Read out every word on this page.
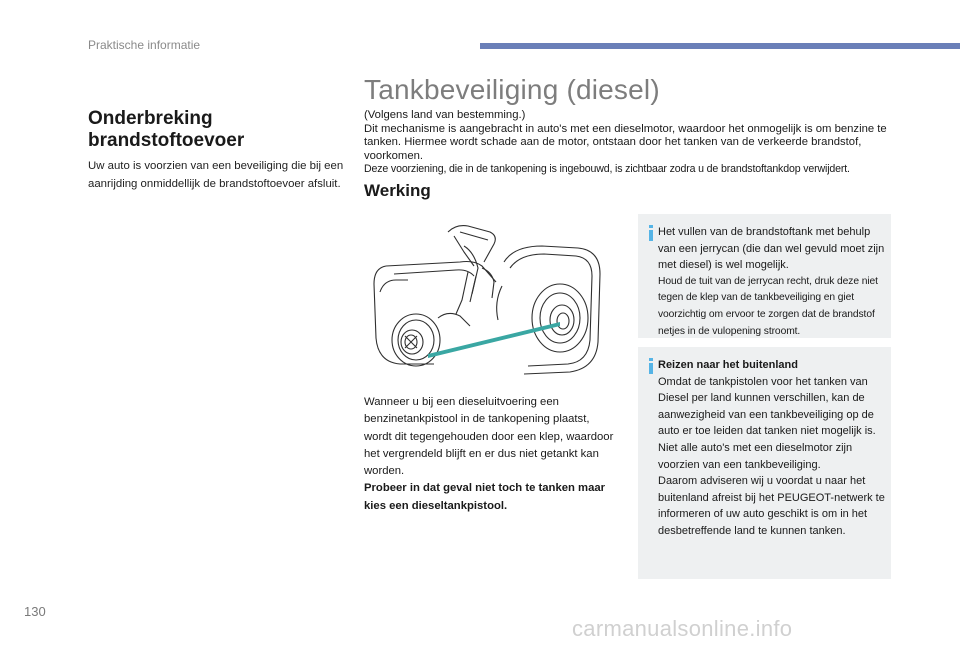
Praktische informatie
Onderbreking
brandstoftoevoer
Uw auto is voorzien van een beveiliging die bij een aanrijding onmiddellijk de brandstoftoevoer afsluit.
Tankbeveiliging (diesel)
(Volgens land van bestemming.)
Dit mechanisme is aangebracht in auto's met een dieselmotor, waardoor het onmogelijk is om benzine te tanken. Hiermee wordt schade aan de motor, ontstaan door het tanken van de verkeerde brandstof, voorkomen.
Deze voorziening, die in de tankopening is ingebouwd, is zichtbaar zodra u de brandstoftankdop verwijdert.
Werking
Wanneer u bij een dieseluitvoering een benzinetankpistool in de tankopening plaatst, wordt dit tegengehouden door een klep, waardoor het vergrendeld blijft en er dus niet getankt kan worden.
Probeer in dat geval niet toch te tanken maar kies een dieseltankpistool.
Het vullen van de brandstoftank met behulp van een jerrycan (die dan wel gevuld moet zijn met diesel) is wel mogelijk.
Houd de tuit van de jerrycan recht, druk deze niet tegen de klep van de tankbeveiliging en giet voorzichtig om ervoor te zorgen dat de brandstof netjes in de vulopening stroomt.
Reizen naar het buitenland
Omdat de tankpistolen voor het tanken van Diesel per land kunnen verschillen, kan de aanwezigheid van een tankbeveiliging op de auto er toe leiden dat tanken niet mogelijk is.
Niet alle auto's met een dieselmotor zijn voorzien van een tankbeveiliging.
Daarom adviseren wij u voordat u naar het buitenland afreist bij het PEUGEOT-netwerk te informeren of uw auto geschikt is om in het desbetreffende land te kunnen tanken.
130
carmanualsonline.info
